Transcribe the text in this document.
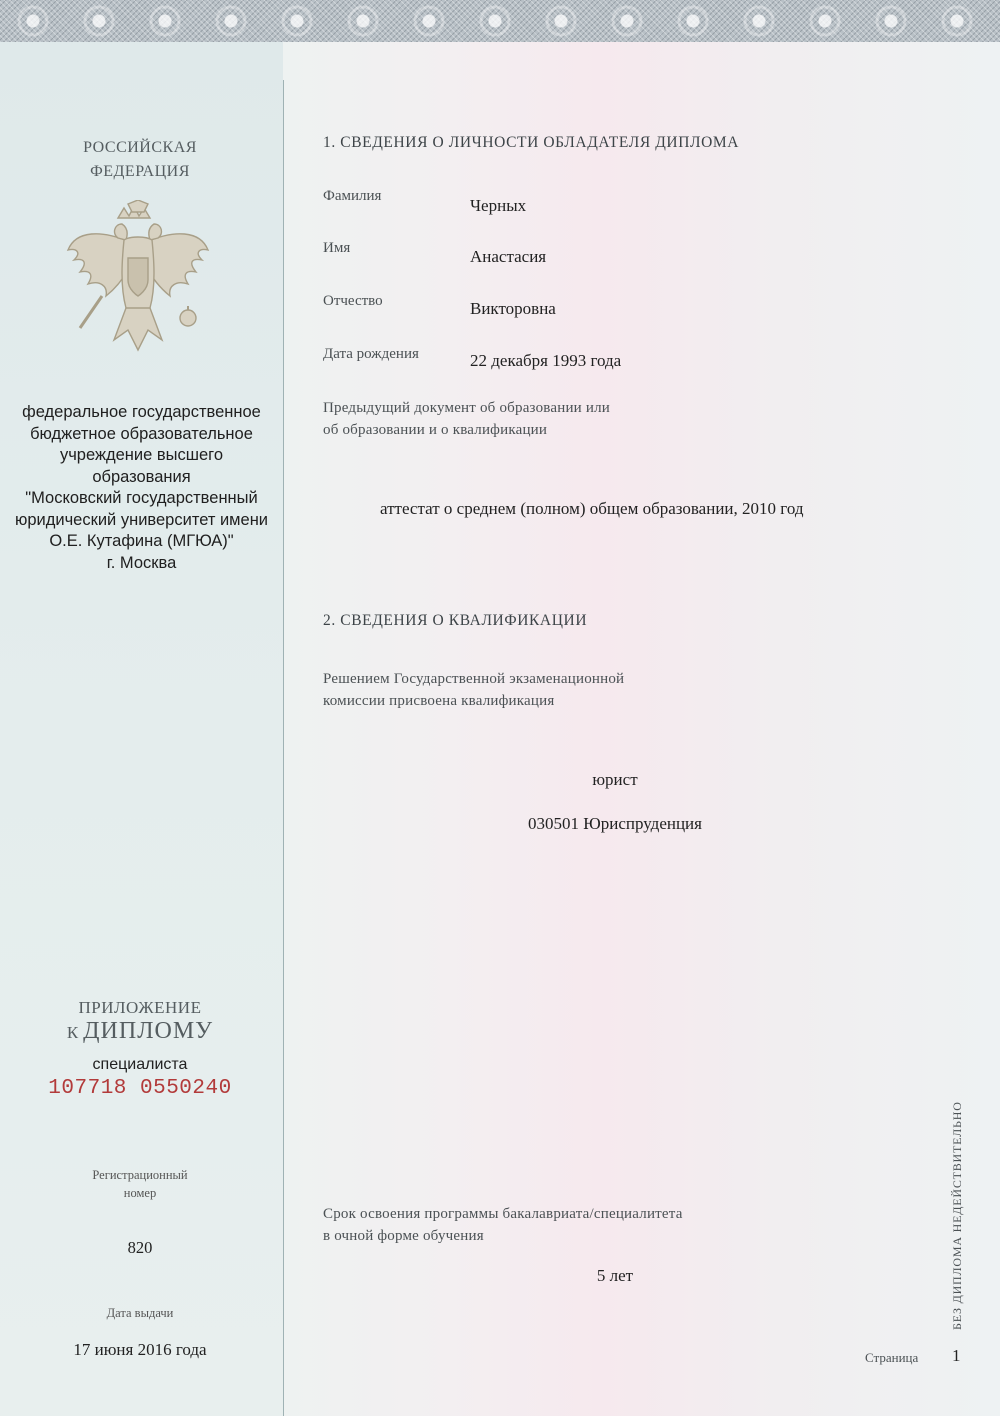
РОССИЙСКАЯ
ФЕДЕРАЦИЯ
федеральное государственное
бюджетное образовательное
учреждение высшего
образования
"Московский государственный
юридический университет имени
О.Е. Кутафина (МГЮА)"
г. Москва
ПРИЛОЖЕНИЕ
К ДИПЛОМУ
специалиста
107718 0550240
Регистрационный
номер
820
Дата выдачи
17 июня 2016 года
1. СВЕДЕНИЯ О ЛИЧНОСТИ ОБЛАДАТЕЛЯ ДИПЛОМА
Фамилия	Черных
Имя	Анастасия
Отчество	Викторовна
Дата рождения	22 декабря 1993 года
Предыдущий документ об образовании или
об образовании и о квалификации
аттестат о среднем (полном) общем образовании, 2010 год
2. СВЕДЕНИЯ О КВАЛИФИКАЦИИ
Решением Государственной экзаменационной
комиссии присвоена квалификация
юрист
030501 Юриспруденция
Срок освоения программы бакалавриата/специалитета
в очной форме обучения
5 лет
Страница 1
БЕЗ ДИПЛОМА НЕДЕЙСТВИТЕЛЬНО
